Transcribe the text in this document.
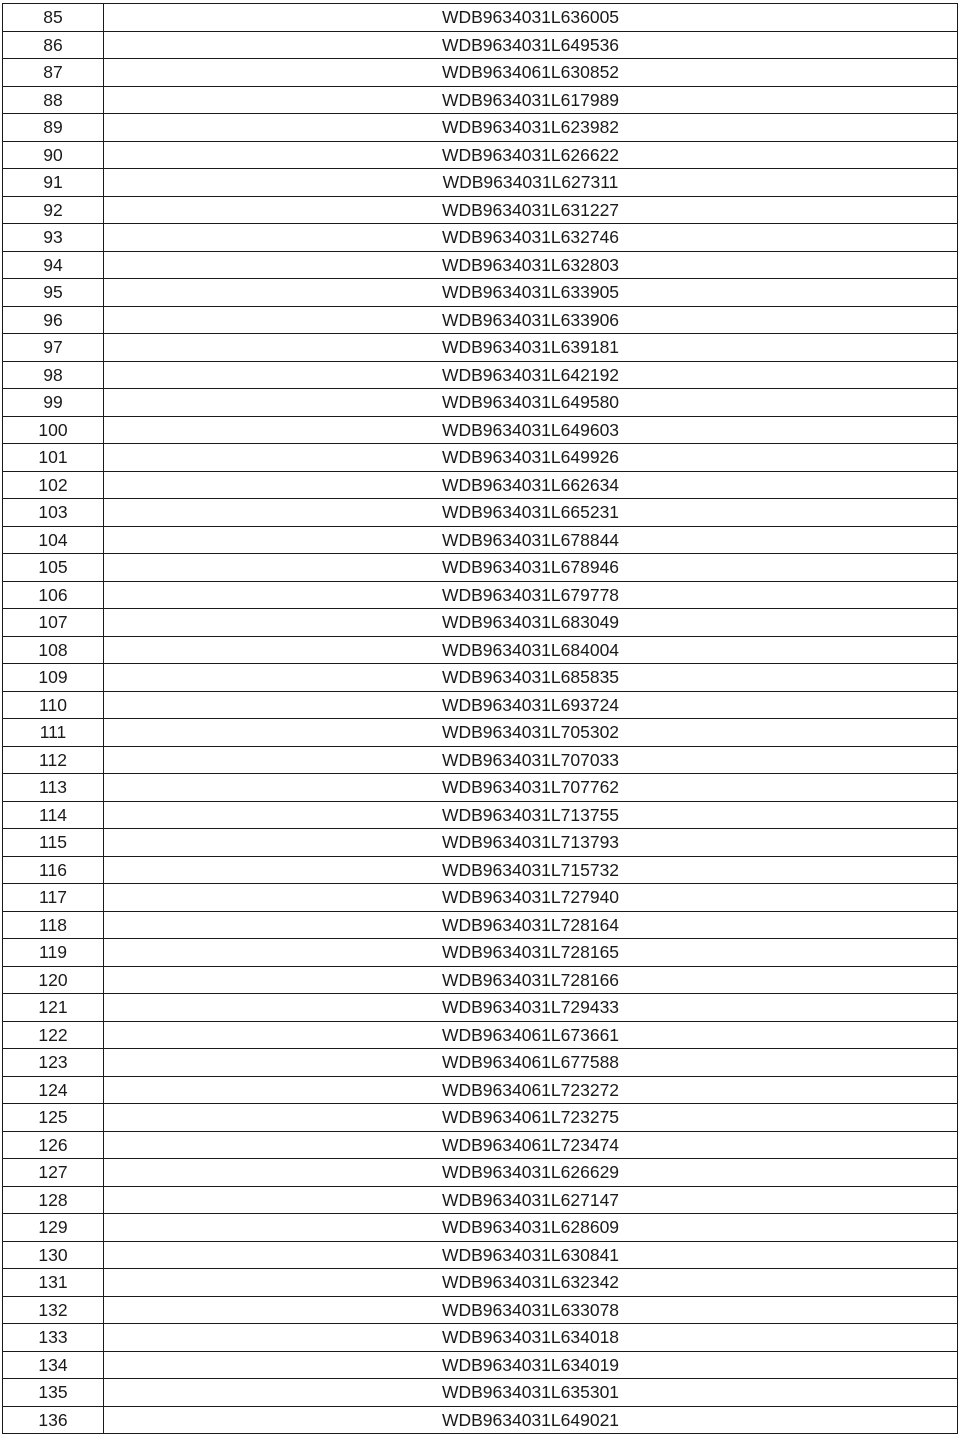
85	WDB9634031L636005
86	WDB9634031L649536
87	WDB9634061L630852
88	WDB9634031L617989
89	WDB9634031L623982
90	WDB9634031L626622
91	WDB9634031L627311
92	WDB9634031L631227
93	WDB9634031L632746
94	WDB9634031L632803
95	WDB9634031L633905
96	WDB9634031L633906
97	WDB9634031L639181
98	WDB9634031L642192
99	WDB9634031L649580
100	WDB9634031L649603
101	WDB9634031L649926
102	WDB9634031L662634
103	WDB9634031L665231
104	WDB9634031L678844
105	WDB9634031L678946
106	WDB9634031L679778
107	WDB9634031L683049
108	WDB9634031L684004
109	WDB9634031L685835
110	WDB9634031L693724
111	WDB9634031L705302
112	WDB9634031L707033
113	WDB9634031L707762
114	WDB9634031L713755
115	WDB9634031L713793
116	WDB9634031L715732
117	WDB9634031L727940
118	WDB9634031L728164
119	WDB9634031L728165
120	WDB9634031L728166
121	WDB9634031L729433
122	WDB9634061L673661
123	WDB9634061L677588
124	WDB9634061L723272
125	WDB9634061L723275
126	WDB9634061L723474
127	WDB9634031L626629
128	WDB9634031L627147
129	WDB9634031L628609
130	WDB9634031L630841
131	WDB9634031L632342
132	WDB9634031L633078
133	WDB9634031L634018
134	WDB9634031L634019
135	WDB9634031L635301
136	WDB9634031L649021
